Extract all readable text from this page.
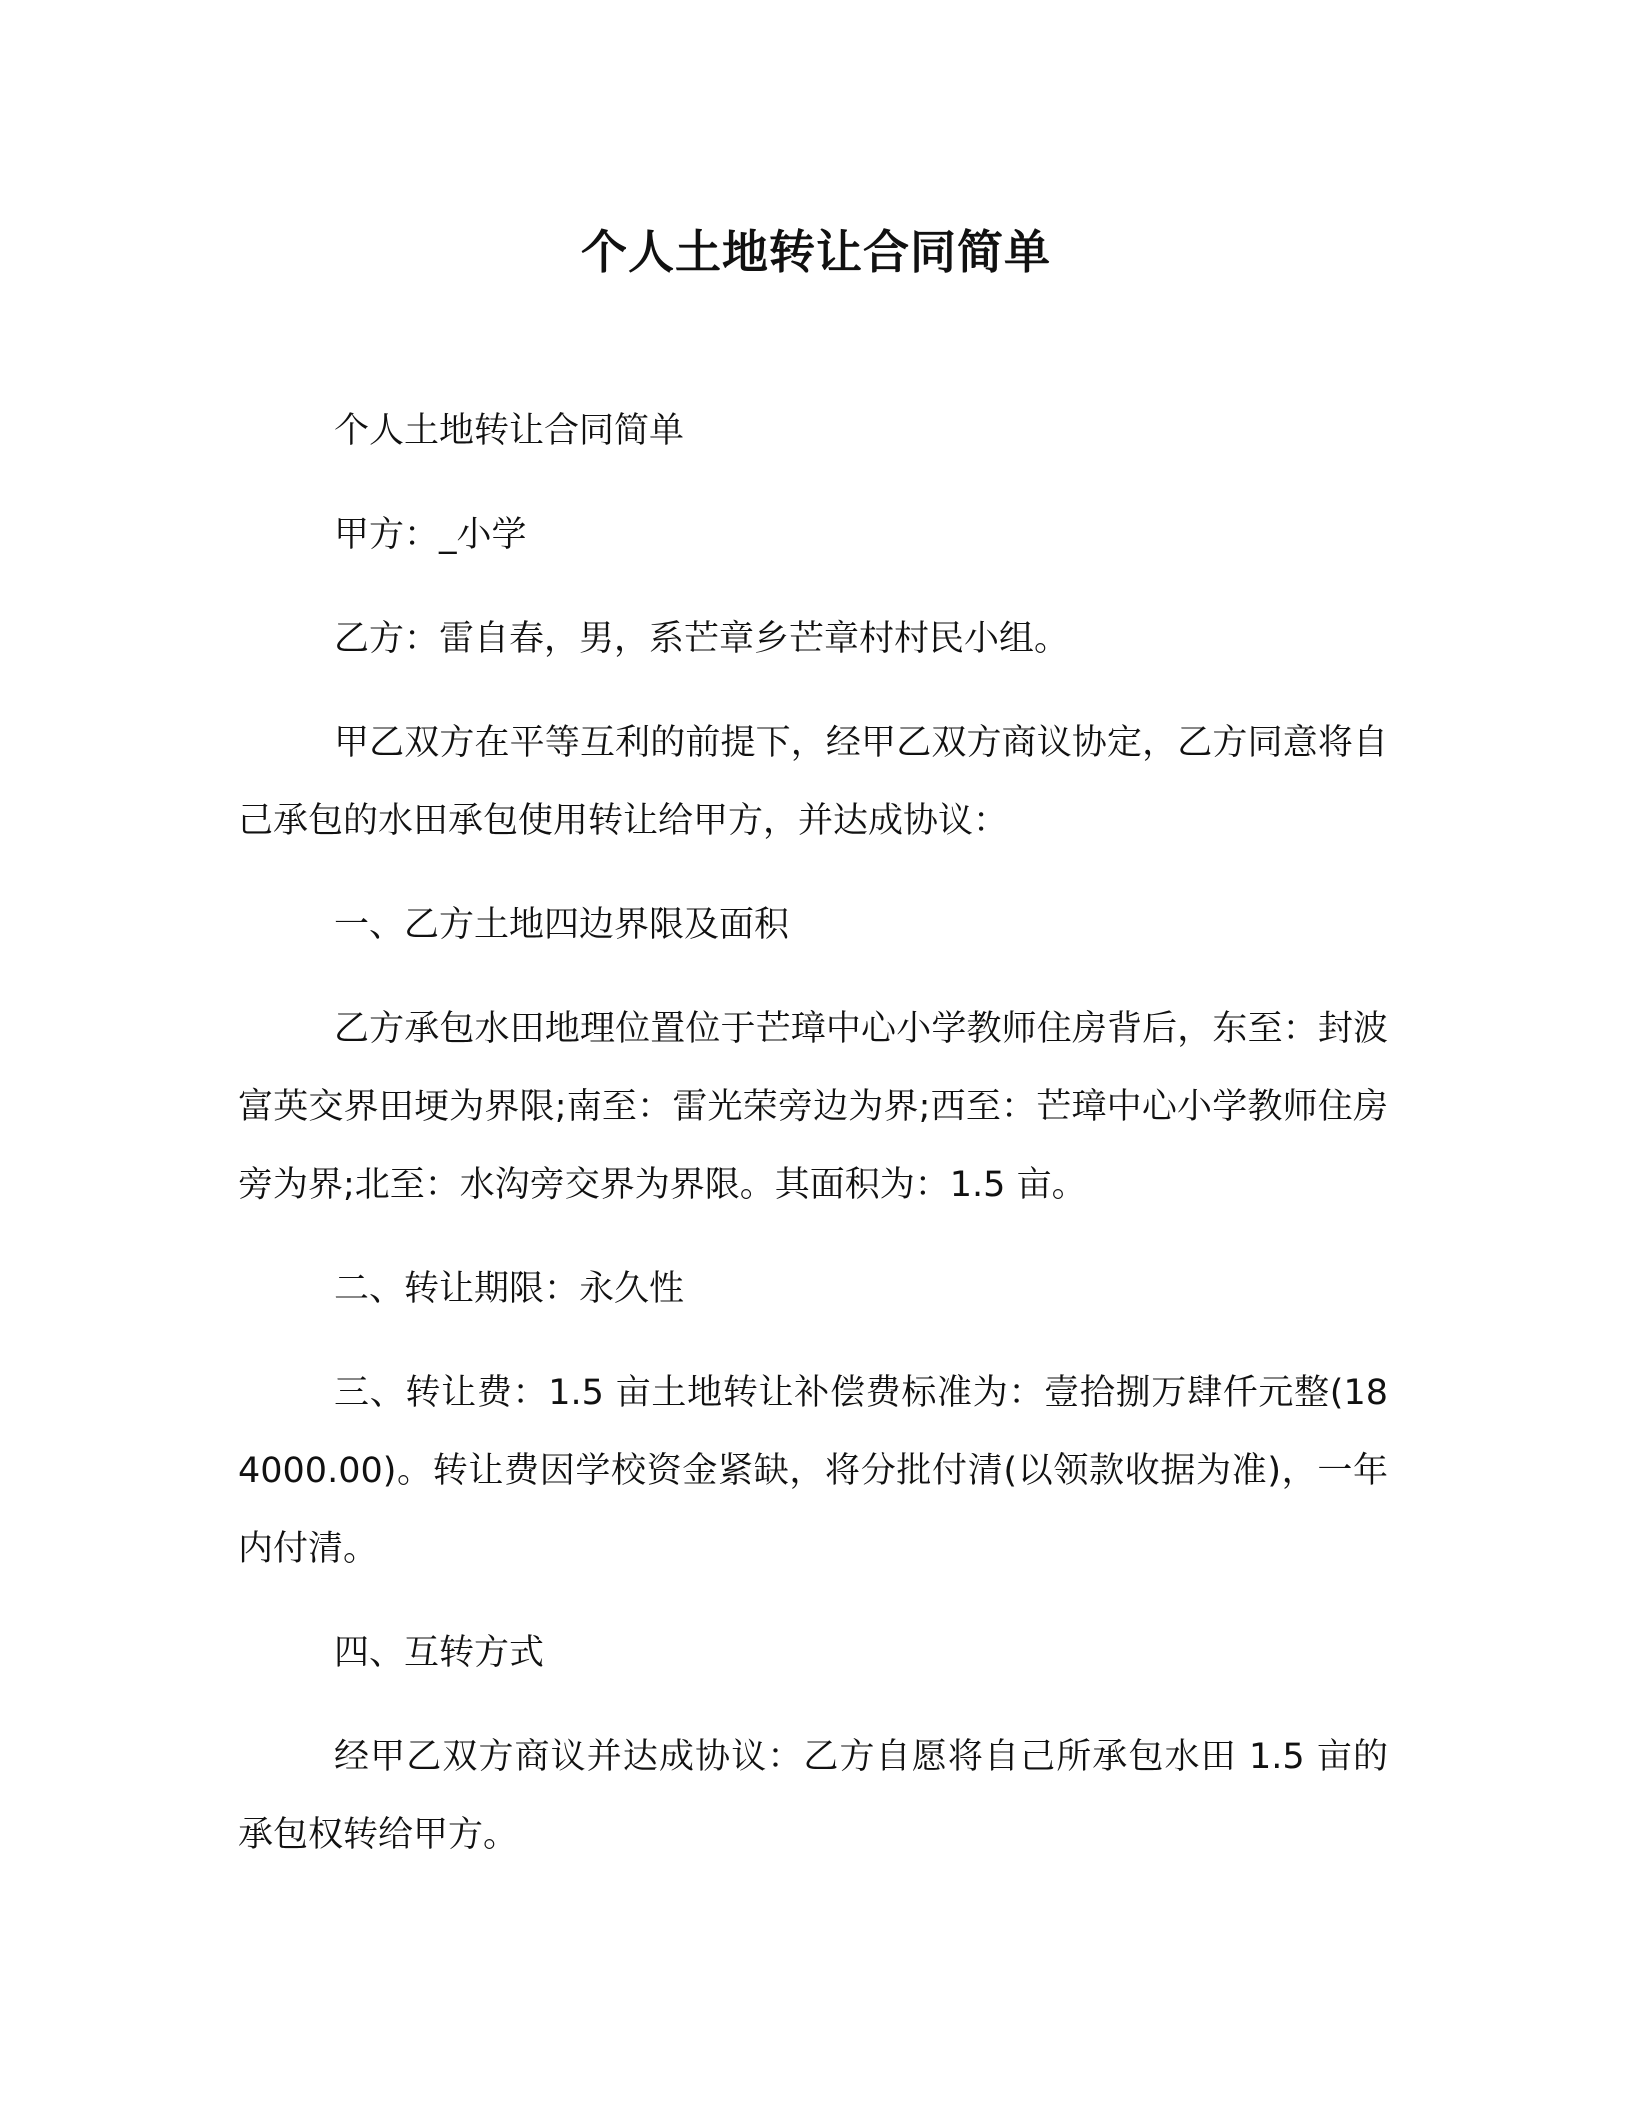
个人土地转让合同简单

个人土地转让合同简单

甲方：_小学

乙方：雷自春，男，系芒章乡芒章村村民小组。

甲乙双方在平等互利的前提下，经甲乙双方商议协定，乙方同意将自己承包的水田承包使用转让给甲方，并达成协议：

一、乙方土地四边界限及面积

乙方承包水田地理位置位于芒璋中心小学教师住房背后，东至：封波富英交界田埂为界限;南至：雷光荣旁边为界;西至：芒璋中心小学教师住房旁为界;北至：水沟旁交界为界限。其面积为：1.5 亩。

二、转让期限：永久性

三、转让费：1.5 亩土地转让补偿费标准为：壹拾捌万肆仟元整(184000.00)。转让费因学校资金紧缺，将分批付清(以领款收据为准)，一年内付清。

四、互转方式

经甲乙双方商议并达成协议：乙方自愿将自己所承包水田 1.5 亩的承包权转给甲方。
